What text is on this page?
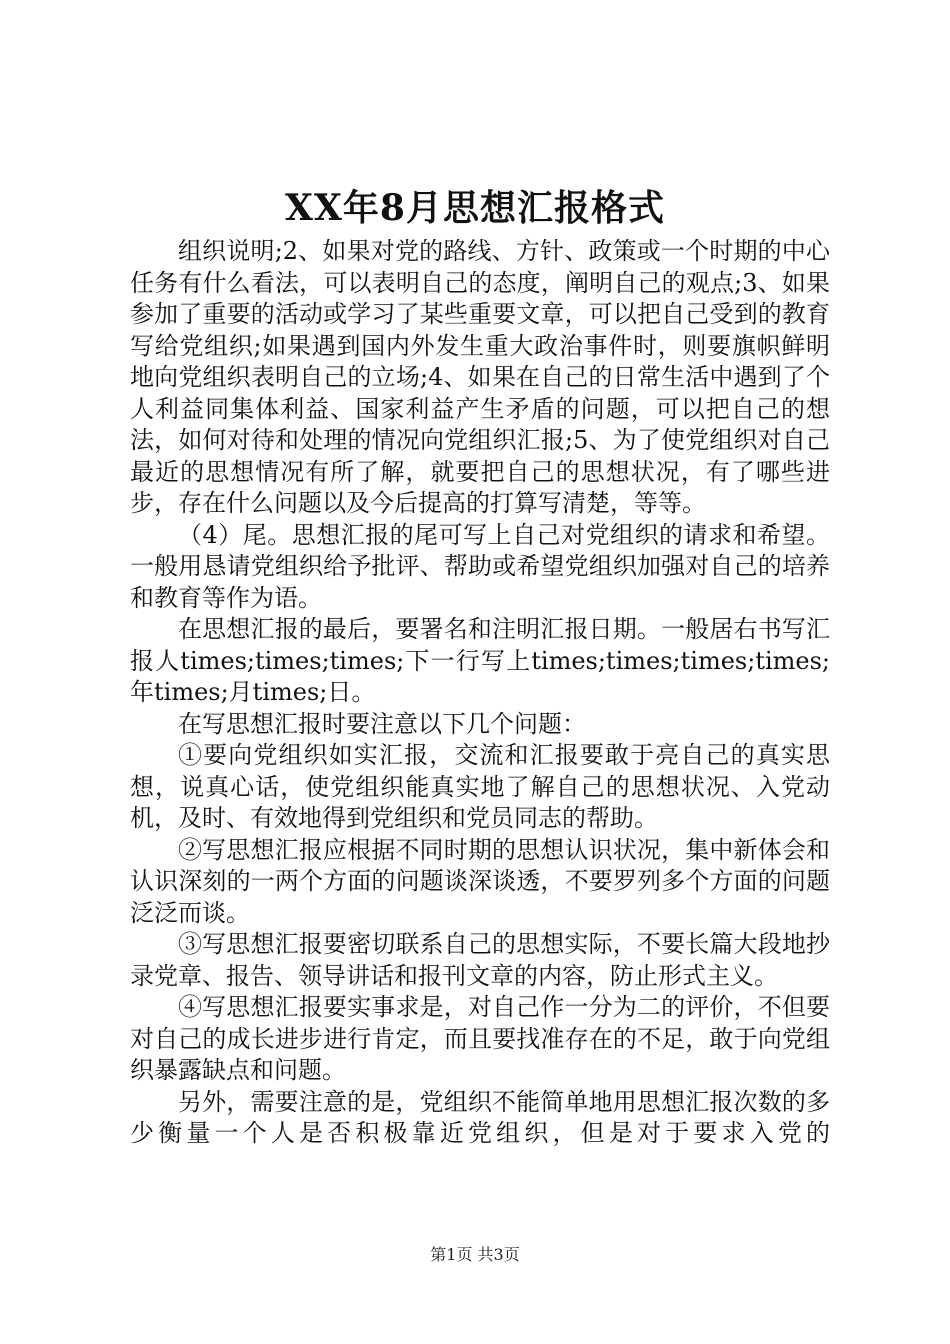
XX年8月思想汇报格式

组织说明;2、如果对党的路线、方针、政策或一个时期的中心任务有什么看法，可以表明自己的态度，阐明自己的观点;3、如果参加了重要的活动或学习了某些重要文章，可以把自己受到的教育写给党组织;如果遇到国内外发生重大政治事件时，则要旗帜鲜明地向党组织表明自己的立场;4、如果在自己的日常生活中遇到了个人利益同集体利益、国家利益产生矛盾的问题，可以把自己的想法，如何对待和处理的情况向党组织汇报;5、为了使党组织对自己最近的思想情况有所了解，就要把自己的思想状况，有了哪些进步，存在什么问题以及今后提高的打算写清楚，等等。

（4）尾。思想汇报的尾可写上自己对党组织的请求和希望。一般用恳请党组织给予批评、帮助或希望党组织加强对自己的培养和教育等作为语。

在思想汇报的最后，要署名和注明汇报日期。一般居右书写汇报人times;times;times;下一行写上times;times;times;times;年times;月times;日。

在写思想汇报时要注意以下几个问题：

①要向党组织如实汇报，交流和汇报要敢于亮自己的真实思想，说真心话，使党组织能真实地了解自己的思想状况、入党动机，及时、有效地得到党组织和党员同志的帮助。

②写思想汇报应根据不同时期的思想认识状况，集中新体会和认识深刻的一两个方面的问题谈深谈透，不要罗列多个方面的问题泛泛而谈。

③写思想汇报要密切联系自己的思想实际，不要长篇大段地抄录党章、报告、领导讲话和报刊文章的内容，防止形式主义。

④写思想汇报要实事求是，对自己作一分为二的评价，不但要对自己的成长进步进行肯定，而且要找准存在的不足，敢于向党组织暴露缺点和问题。

另外，需要注意的是，党组织不能简单地用思想汇报次数的多少衡量一个人是否积极靠近党组织，但是对于要求入党的

第1页 共3页
